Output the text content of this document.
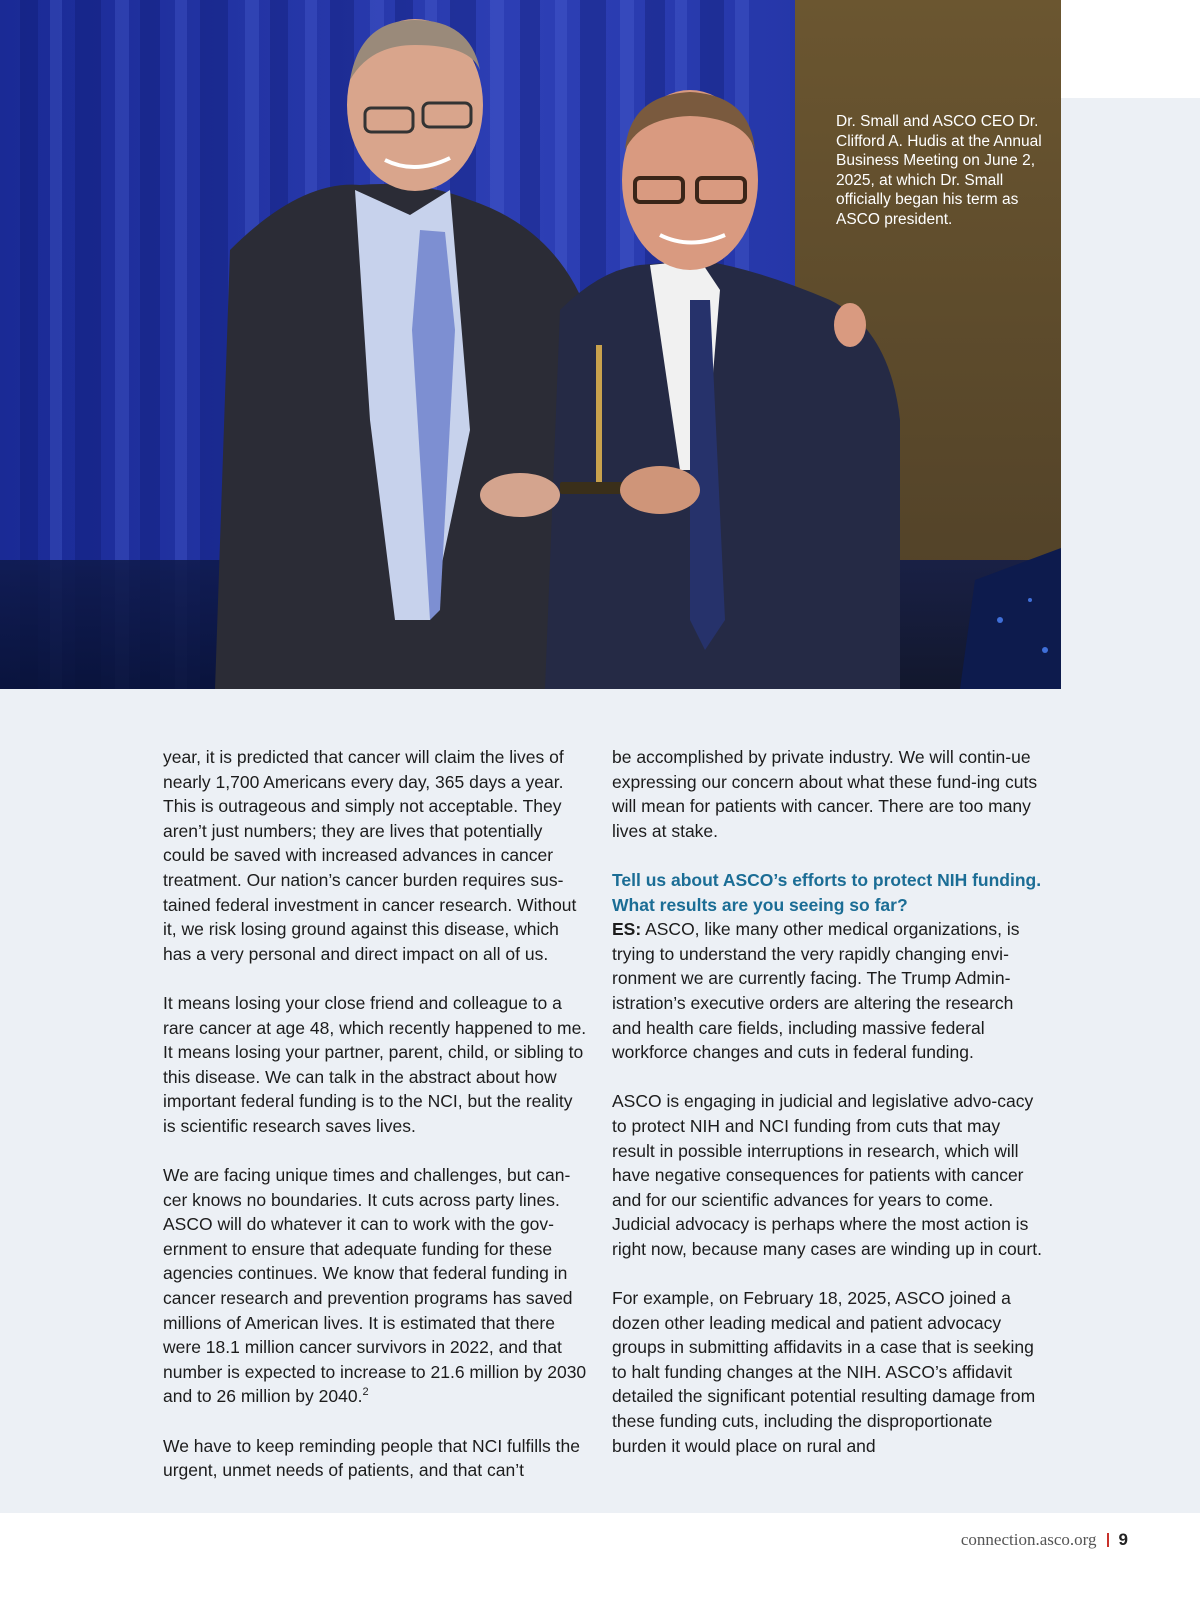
Dr. Small and ASCO CEO Dr. Clifford A. Hudis at the Annual Business Meeting on June 2, 2025, at which Dr. Small officially began his term as ASCO president.

year, it is predicted that cancer will claim the lives of nearly 1,700 Americans every day, 365 days a year. This is outrageous and simply not acceptable. They aren’t just numbers; they are lives that potentially could be saved with increased advances in cancer treatment. Our nation’s cancer burden requires sus-tained federal investment in cancer research. Without it, we risk losing ground against this disease, which has a very personal and direct impact on all of us.

It means losing your close friend and colleague to a rare cancer at age 48, which recently happened to me. It means losing your partner, parent, child, or sibling to this disease. We can talk in the abstract about how important federal funding is to the NCI, but the reality is scientific research saves lives.

We are facing unique times and challenges, but can-cer knows no boundaries. It cuts across party lines. ASCO will do whatever it can to work with the gov-ernment to ensure that adequate funding for these agencies continues. We know that federal funding in cancer research and prevention programs has saved millions of American lives. It is estimated that there were 18.1 million cancer survivors in 2022, and that number is expected to increase to 21.6 million by 2030 and to 26 million by 2040.$^2$

We have to keep reminding people that NCI fulfills the urgent, unmet needs of patients, and that can’t

be accomplished by private industry. We will contin-ue expressing our concern about what these fund-ing cuts will mean for patients with cancer. There are too many lives at stake.

Tell us about ASCO’s efforts to protect NIH funding. What results are you seeing so far?
ES: ASCO, like many other medical organizations, is trying to understand the very rapidly changing envi-ronment we are currently facing. The Trump Admin-istration’s executive orders are altering the research and health care fields, including massive federal workforce changes and cuts in federal funding.

ASCO is engaging in judicial and legislative advo-cacy to protect NIH and NCI funding from cuts that may result in possible interruptions in research, which will have negative consequences for patients with cancer and for our scientific advances for years to come. Judicial advocacy is perhaps where the most action is right now, because many cases are winding up in court.

For example, on February 18, 2025, ASCO joined a dozen other leading medical and patient advocacy groups in submitting affidavits in a case that is seeking to halt funding changes at the NIH. ASCO’s affidavit detailed the significant potential resulting damage from these funding cuts, including the disproportionate burden it would place on rural and

connection.asco.org 9
